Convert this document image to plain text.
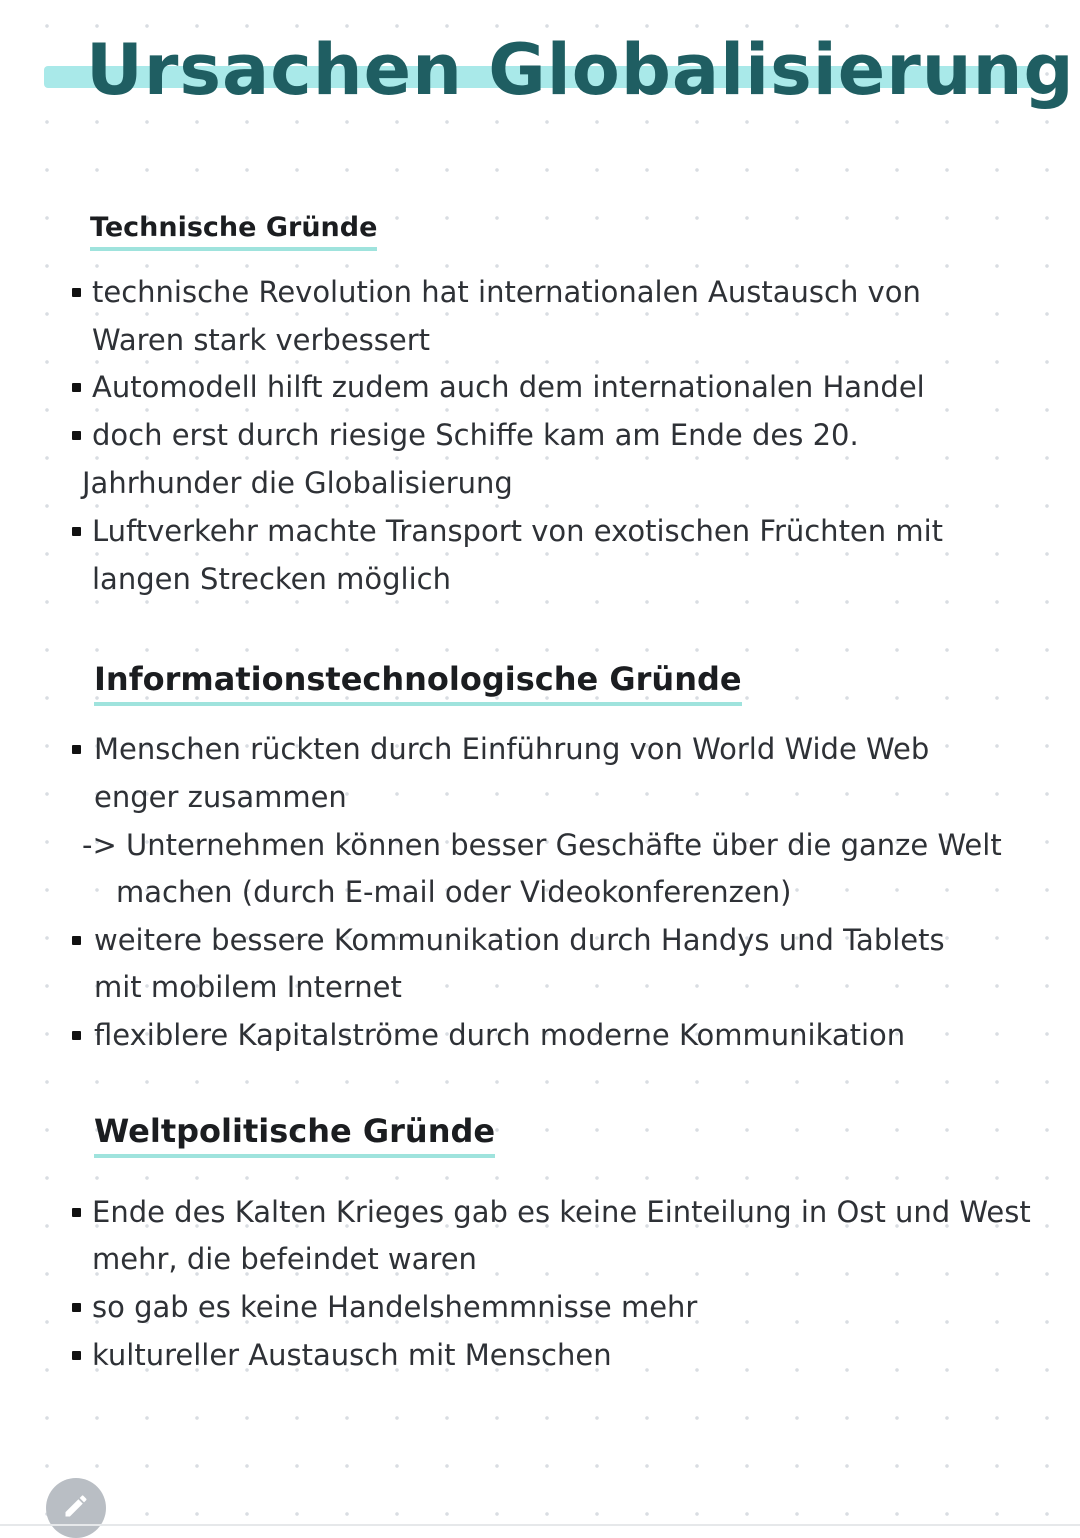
Ursachen Globalisierung
Technische Gründe
technische Revolution hat internationalen Austausch von
Waren stark verbessert
Automodell hilft zudem auch dem internationalen Handel
doch erst durch riesige Schiffe kam am Ende des 20.
Jahrhunder die Globalisierung
Luftverkehr machte Transport von exotischen Früchten mit
langen Strecken möglich
Informationstechnologische Gründe
Menschen rückten durch Einführung von World Wide Web
enger zusammen
-> Unternehmen können besser Geschäfte über die ganze Welt
machen (durch E-mail oder Videokonferenzen)
weitere bessere Kommunikation durch Handys und Tablets
mit mobilem Internet
flexiblere Kapitalströme durch moderne Kommunikation
Weltpolitische Gründe
Ende des Kalten Krieges gab es keine Einteilung in Ost und West
mehr, die befeindet waren
so gab es keine Handelshemmnisse mehr
kultureller Austausch mit Menschen
